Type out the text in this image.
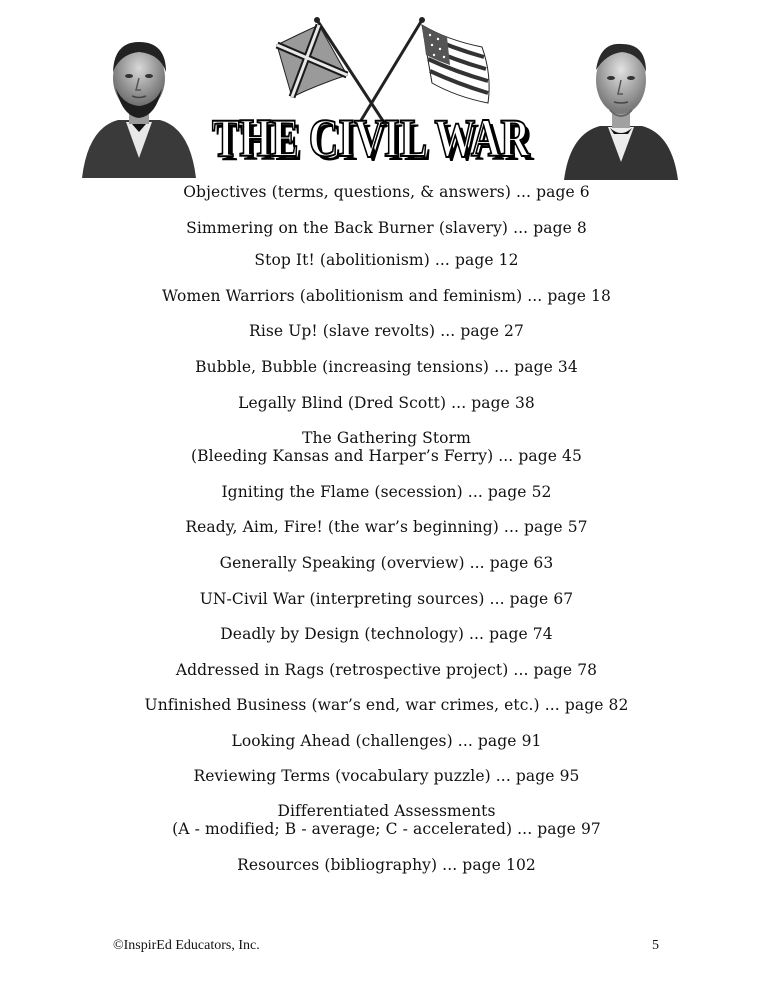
THE CIVIL WAR
THE CIVIL WAR
Objectives (terms, questions, & answers) ... page 6
Simmering on the Back Burner (slavery) ... page 8
Stop It! (abolitionism) ... page 12
Women Warriors (abolitionism and feminism) ... page 18
Rise Up! (slave revolts) ... page 27
Bubble, Bubble (increasing tensions) ... page 34
Legally Blind (Dred Scott) ... page 38
The Gathering Storm
(Bleeding Kansas and Harper’s Ferry) ... page 45
Igniting the Flame (secession) ... page 52
Ready, Aim, Fire! (the war’s beginning) ... page 57
Generally Speaking (overview) ... page 63
UN-Civil War (interpreting sources) ... page 67
Deadly by Design (technology) ... page 74
Addressed in Rags (retrospective project) ... page 78
Unfinished Business (war’s end, war crimes, etc.) ... page 82
Looking Ahead (challenges) ... page 91
Reviewing Terms (vocabulary puzzle) ... page 95
Differentiated Assessments
(A - modified; B - average; C - accelerated) ... page 97
Resources (bibliography) ... page 102
©InspirEd Educators, Inc.	5
